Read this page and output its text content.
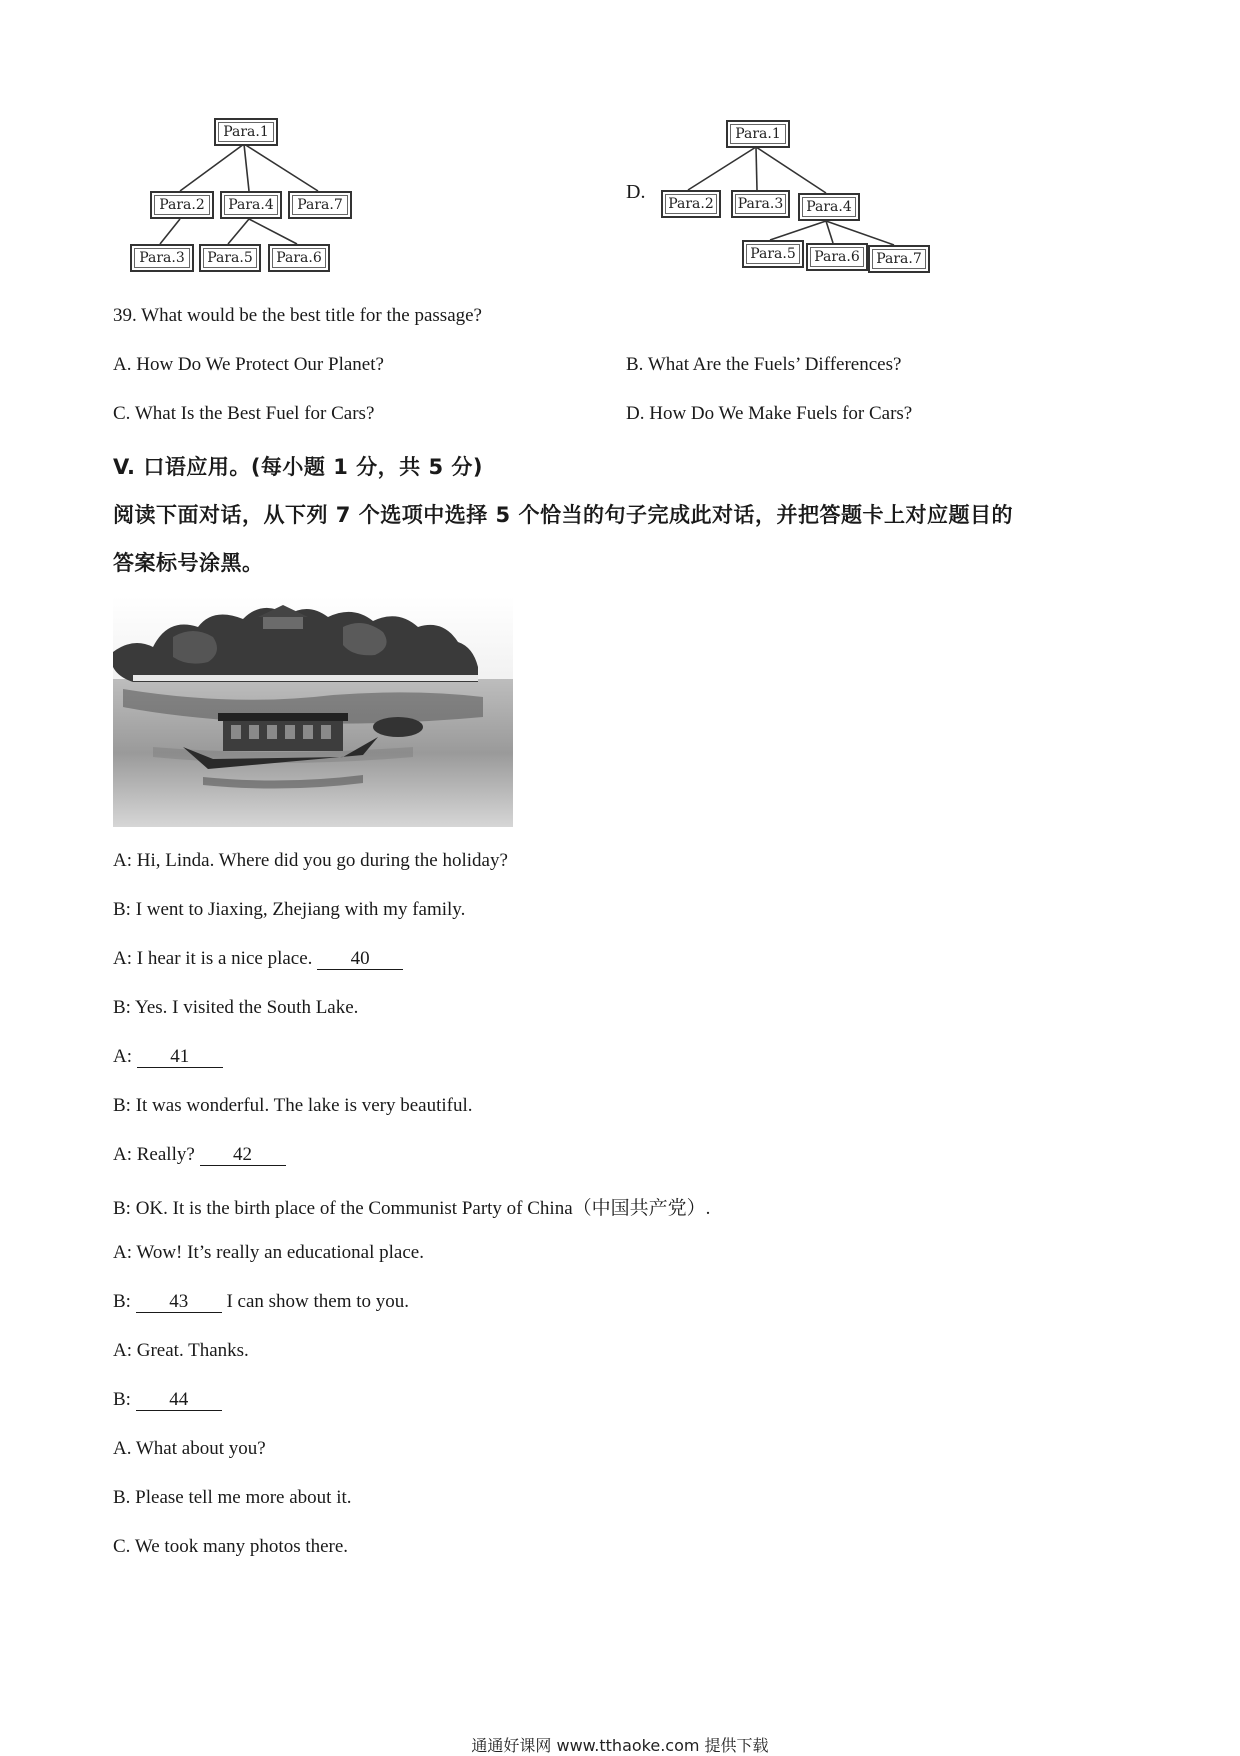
Para.1
Para.2	Para.4	Para.7
Para.3	Para.5	Para.6
D.
Para.1
Para.2	Para.3	Para.4
Para.5	Para.6	Para.7
39. What would be the best title for the passage?
A. How Do We Protect Our Planet?	B. What Are the Fuels’ Differences?
C. What Is the Best Fuel for Cars?	D. How Do We Make Fuels for Cars?
V. 口语应用。(每小题 1 分，共 5 分)
阅读下面对话，从下列 7 个选项中选择 5 个恰当的句子完成此对话，并把答题卡上对应题目的
答案标号涂黑。
A: Hi, Linda. Where did you go during the holiday?
B: I went to Jiaxing, Zhejiang with my family.
A: I hear it is a nice place. 40
B: Yes. I visited the South Lake.
A: 41
B: It was wonderful. The lake is very beautiful.
A: Really? 42
B: OK. It is the birth place of the Communist Party of China（中国共产党）.
A: Wow! It’s really an educational place.
B: 43 I can show them to you.
A: Great. Thanks.
B: 44
A. What about you?
B. Please tell me more about it.
C. We took many photos there.
通通好课网 www.tthaoke.com 提供下载
